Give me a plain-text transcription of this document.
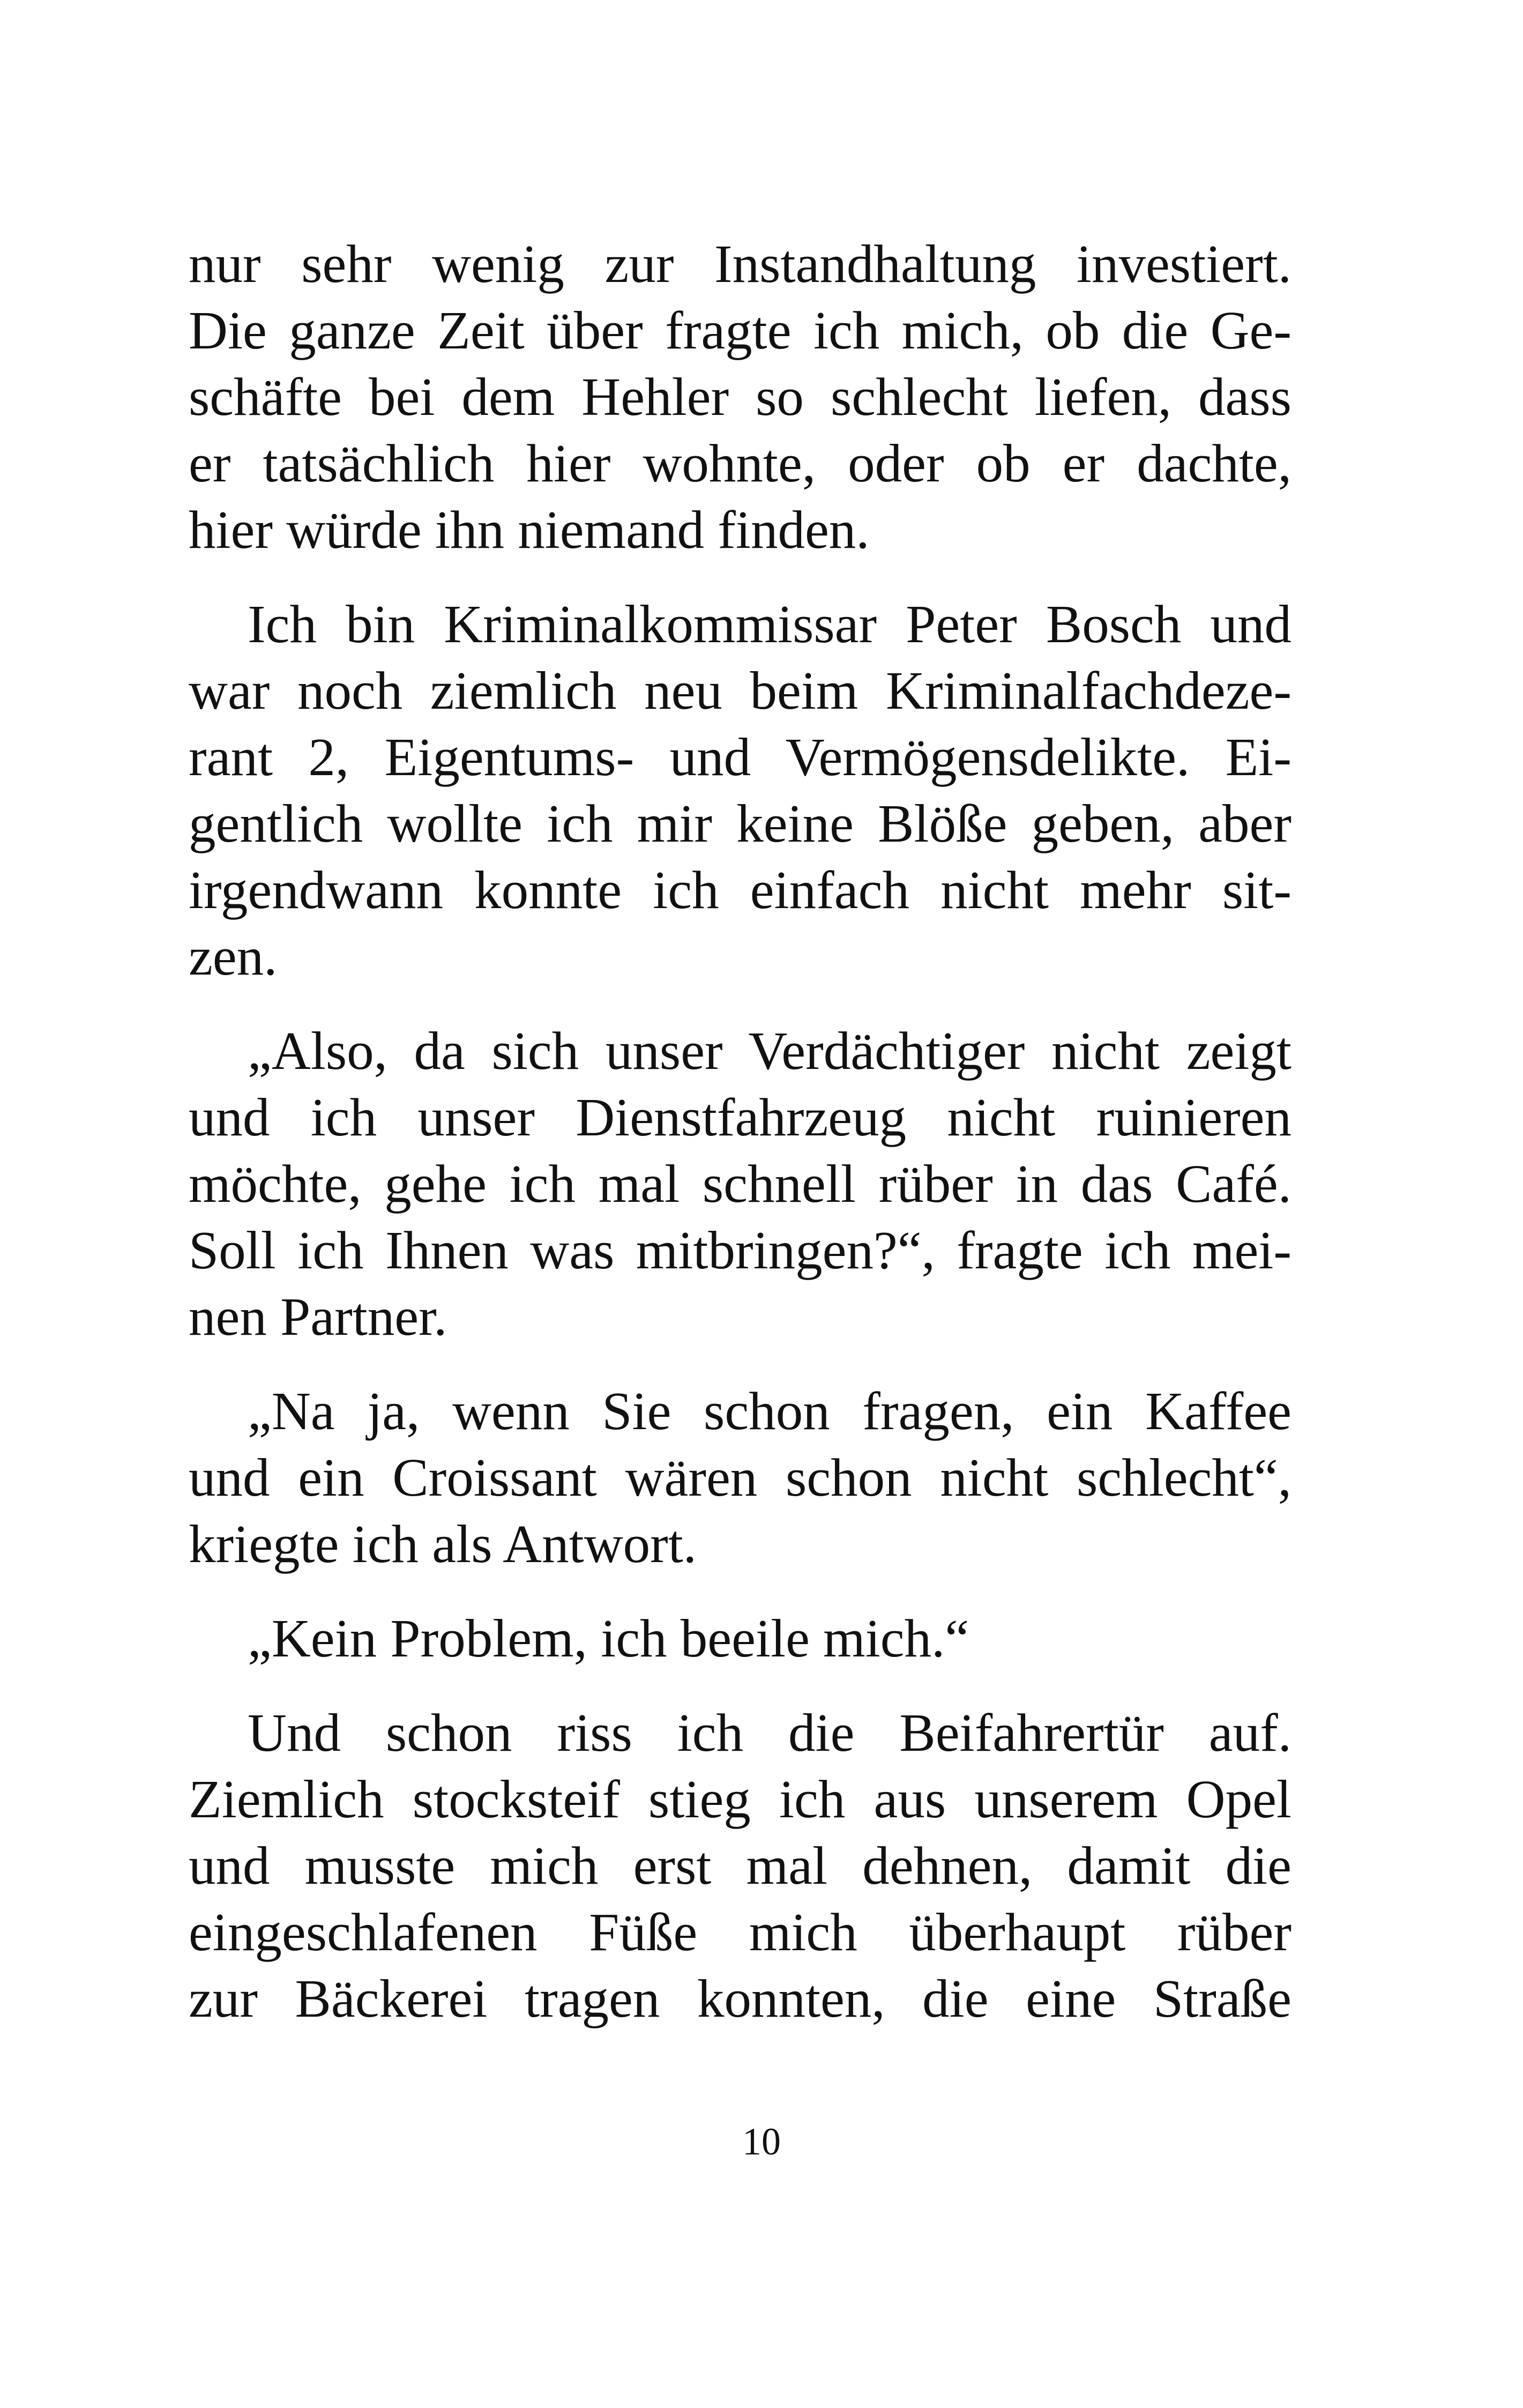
nur sehr wenig zur Instandhaltung investiert.
Die ganze Zeit über fragte ich mich, ob die Ge-
schäfte bei dem Hehler so schlecht liefen, dass
er tatsächlich hier wohnte, oder ob er dachte,
hier würde ihn niemand finden.

Ich bin Kriminalkommissar Peter Bosch und
war noch ziemlich neu beim Kriminalfachdeze-
rant 2, Eigentums- und Vermögensdelikte. Ei-
gentlich wollte ich mir keine Blöße geben, aber
irgendwann konnte ich einfach nicht mehr sit-
zen.

„Also, da sich unser Verdächtiger nicht zeigt
und ich unser Dienstfahrzeug nicht ruinieren
möchte, gehe ich mal schnell rüber in das Café.
Soll ich Ihnen was mitbringen?“, fragte ich mei-
nen Partner.

„Na ja, wenn Sie schon fragen, ein Kaffee
und ein Croissant wären schon nicht schlecht“,
kriegte ich als Antwort.

„Kein Problem, ich beeile mich.“

Und schon riss ich die Beifahrertür auf.
Ziemlich stocksteif stieg ich aus unserem Opel
und musste mich erst mal dehnen, damit die
eingeschlafenen Füße mich überhaupt rüber
zur Bäckerei tragen konnten, die eine Straße

10
